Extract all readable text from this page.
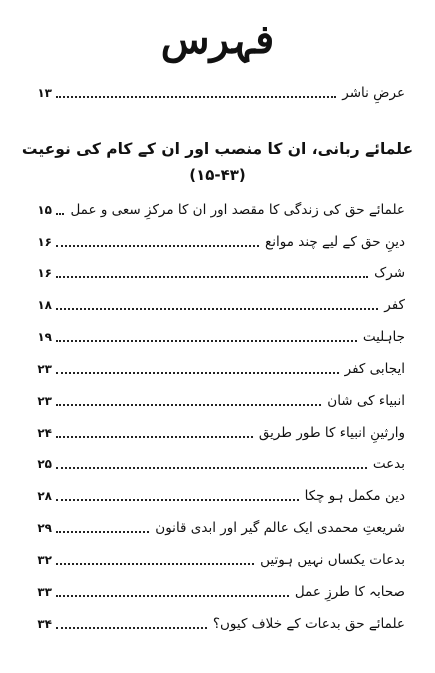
فہرس
عرضِ ناشر
۱۳
علمائے ربانی، ان کا منصب اور ان کے کام کی نوعیت
(۱۵-۴۳)
علمائے حق کی زندگی کا مقصد اور ان کا مرکزِ سعی و عمل
۱۵
دینِ حق کے لیے چند موانع
۱۶
شرک
۱۶
کفر
۱۸
جاہلیت
۱۹
ایجابی کفر
۲۳
انبیاء کی شان
۲۳
وارثینِ انبیاء کا طور طریق
۲۴
بدعت
۲۵
دین مکمل ہو چکا
۲۸
شریعتِ محمدی ایک عالم گیر اور ابدی قانون
۲۹
بدعات یکساں نہیں ہوتیں
۳۲
صحابہ کا طرزِ عمل
۳۳
علمائے حق بدعات کے خلاف کیوں؟
۳۴
